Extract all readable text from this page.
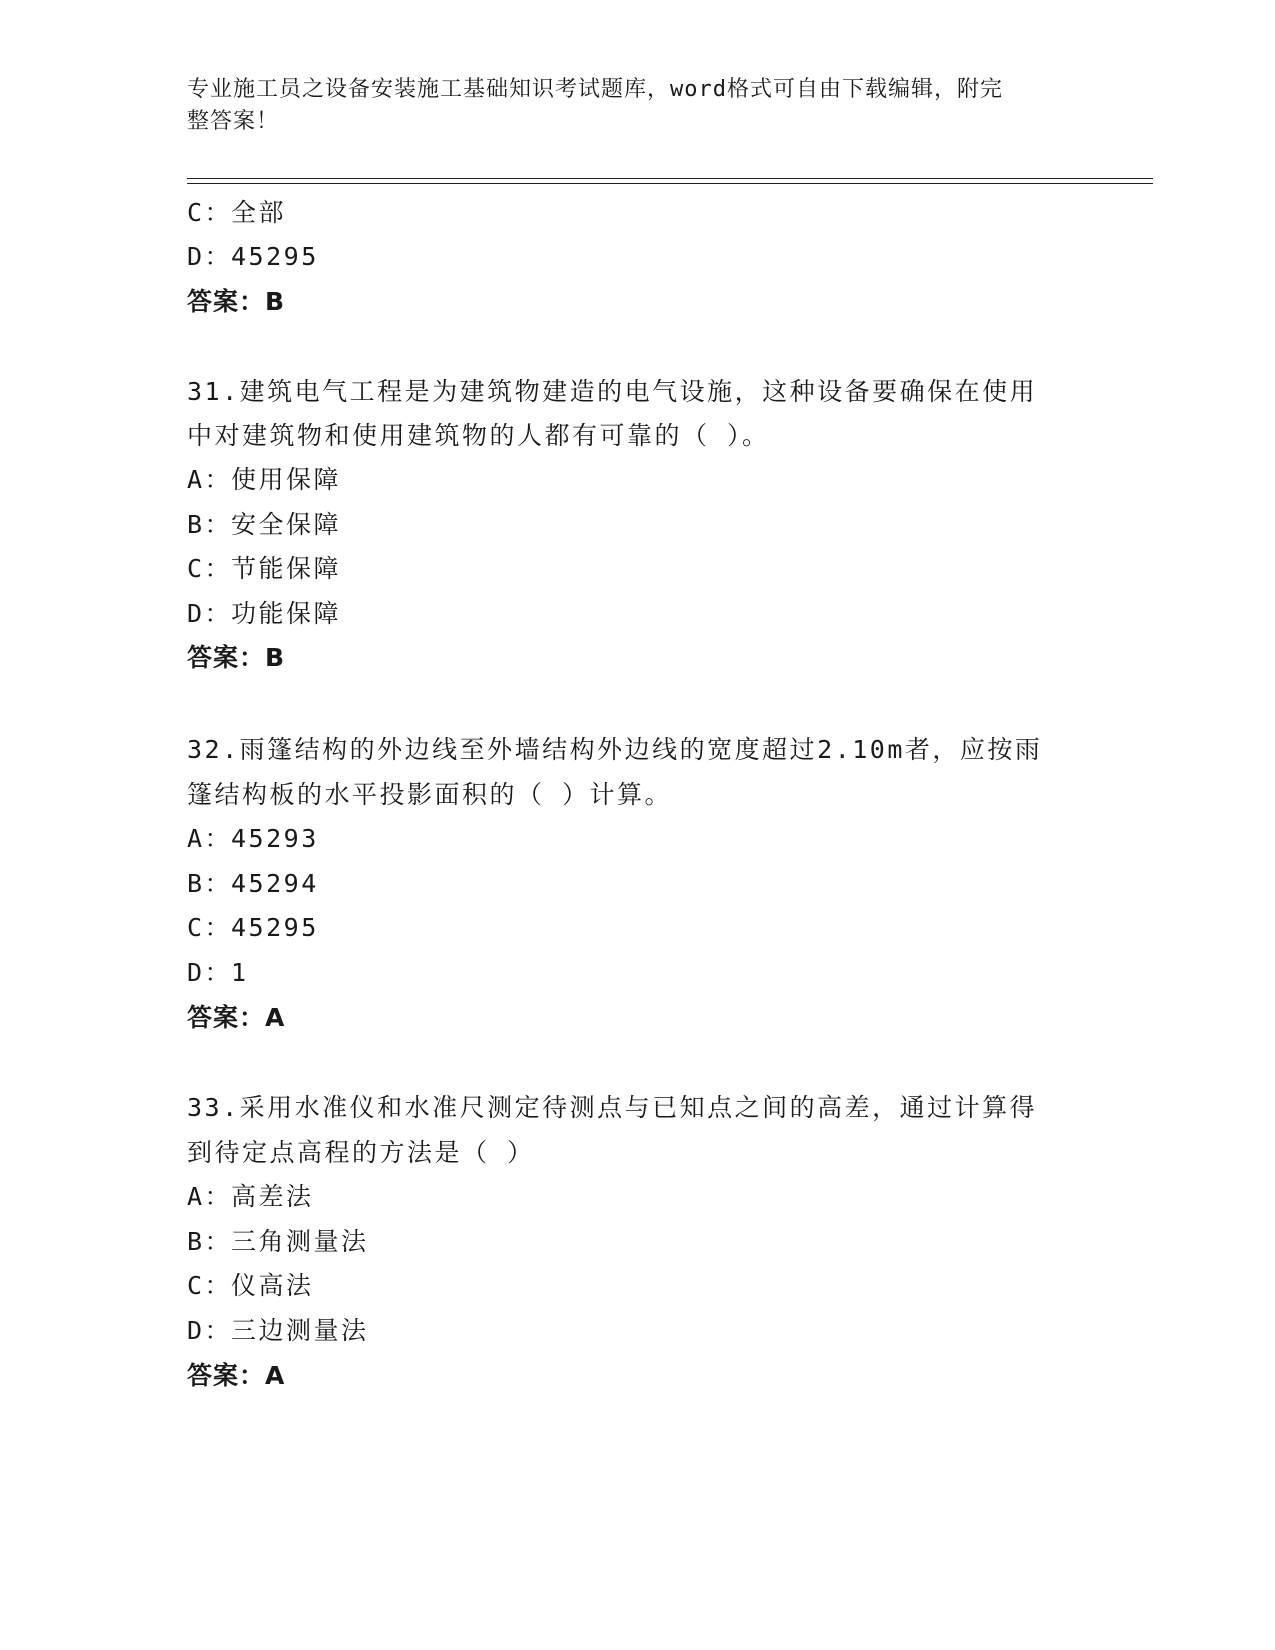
专业施工员之设备安装施工基础知识考试题库，word格式可自由下载编辑，附完
整答案！
C：全部
D：45295
答案：B
31.建筑电气工程是为建筑物建造的电气设施，这种设备要确保在使用
中对建筑物和使用建筑物的人都有可靠的（ ）。
A：使用保障
B：安全保障
C：节能保障
D：功能保障
答案：B
32.雨篷结构的外边线至外墙结构外边线的宽度超过2.10m者，应按雨
篷结构板的水平投影面积的（ ）计算。
A：45293
B：45294
C：45295
D：1
答案：A
33.采用水准仪和水准尺测定待测点与已知点之间的高差，通过计算得
到待定点高程的方法是（ ）
A：高差法
B：三角测量法
C：仪高法
D：三边测量法
答案：A
